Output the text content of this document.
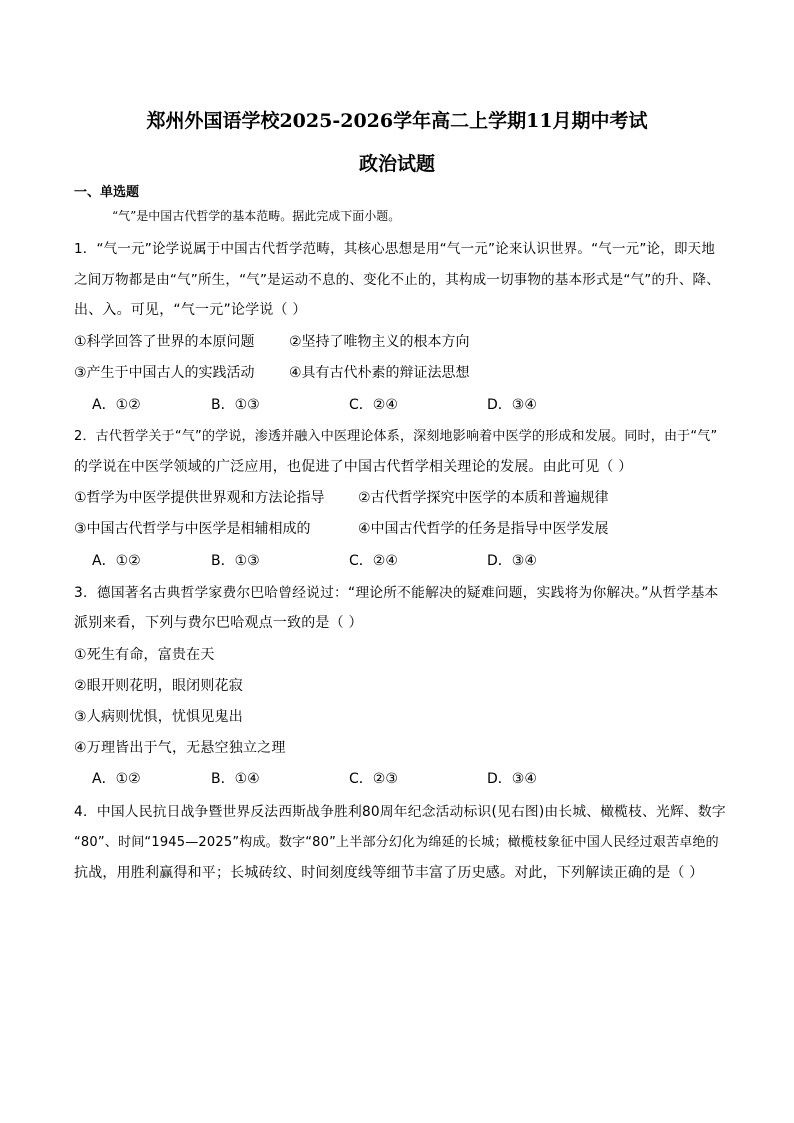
郑州外国语学校2025-2026学年高二上学期11月期中考试
政治试题
一、单选题
“气”是中国古代哲学的基本范畴。据此完成下面小题。
1．“气一元”论学说属于中国古代哲学范畴，其核心思想是用“气一元”论来认识世界。“气一元”论，即天地
之间万物都是由“气”所生，“气”是运动不息的、变化不止的，其构成一切事物的基本形式是“气”的升、降、
出、入。可见，“气一元”论学说（ ）
①科学回答了世界的本原问题 ②坚持了唯物主义的根本方向
③产生于中国古人的实践活动 ④具有古代朴素的辩证法思想
A．①②	B．①③	C．②④	D．③④
2．古代哲学关于“气”的学说，渗透并融入中医理论体系，深刻地影响着中医学的形成和发展。同时，由于“气”
的学说在中医学领域的广泛应用，也促进了中国古代哲学相关理论的发展。由此可见（ ）
①哲学为中医学提供世界观和方法论指导 ②古代哲学探究中医学的本质和普遍规律
③中国古代哲学与中医学是相辅相成的	④中国古代哲学的任务是指导中医学发展
A．①②	B．①③	C．②④	D．③④
3．德国著名古典哲学家费尔巴哈曾经说过：“理论所不能解决的疑难问题，实践将为你解决。”从哲学基本
派别来看，下列与费尔巴哈观点一致的是（ ）
①死生有命，富贵在天
②眼开则花明，眼闭则花寂
③人病则忧惧，忧惧见鬼出
④万理皆出于气，无悬空独立之理
A．①②	B．①④	C．②③	D．③④
4．中国人民抗日战争暨世界反法西斯战争胜利80周年纪念活动标识(见右图)由长城、橄榄枝、光辉、数字
“80”、时间“1945—2025”构成。数字“80”上半部分幻化为绵延的长城；橄榄枝象征中国人民经过艰苦卓绝的
抗战，用胜利赢得和平；长城砖纹、时间刻度线等细节丰富了历史感。对此，下列解读正确的是（ ）
